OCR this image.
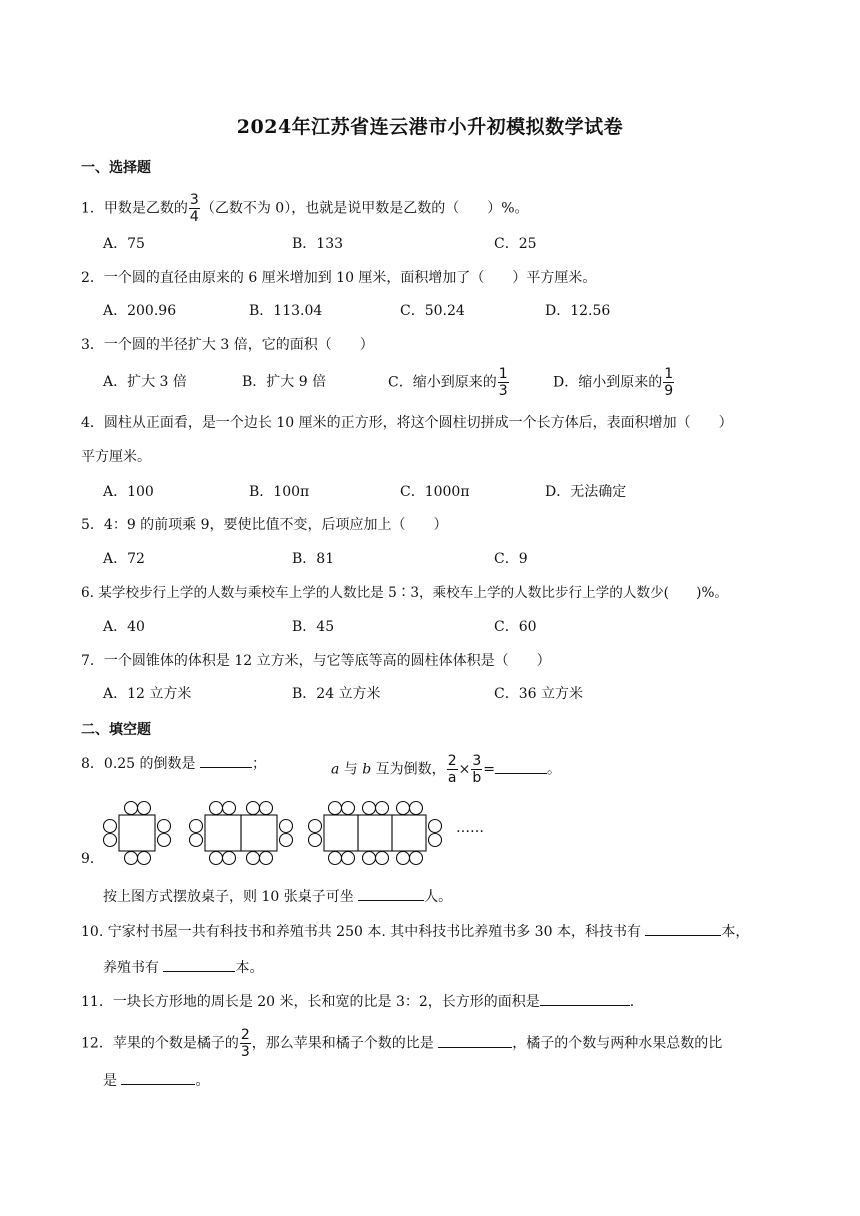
2024年江苏省连云港市小升初模拟数学试卷
一、选择题
1．甲数是乙数的 $\frac{3}{4}$ （乙数不为 0），也就是说甲数是乙数的（　　）%。
A．75	B．133	C．25
2．一个圆的直径由原来的 6 厘米增加到 10 厘米，面积增加了（　　）平方厘米。
A．200.96	B．113.04	C．50.24	D．12.56
3．一个圆的半径扩大 3 倍，它的面积（　　）
A．扩大 3 倍	B．扩大 9 倍	C．缩小到原来的 $\frac{1}{3}$	D．缩小到原来的 $\frac{1}{9}$
4．圆柱从正面看，是一个边长 10 厘米的正方形，将这个圆柱切拼成一个长方体后，表面积增加（　　）
平方厘米。
A．100	B．100π	C．1000π	D．无法确定
5．4：9 的前项乘 9，要使比值不变，后项应加上（　　）
A．72	B．81	C．9
6. 某学校步行上学的人数与乘校车上学的人数比是 5∶3，乘校车上学的人数比步行上学的人数少(　　)%。
A．40	B．45	C．60
7．一个圆锥体的体积是 12 立方米，与它等底等高的圆柱体体积是（　　）
A．12 立方米	B．24 立方米	C．36 立方米
二、填空题
8．0.25 的倒数是	；	a 与 b 互为倒数， $\frac{2}{a} \times \frac{3}{b}$ =	。
……
9．
按上图方式摆放桌子，则 10 张桌子可坐	人。
10. 宁家村书屋一共有科技书和养殖书共 250 本. 其中科技书比养殖书多 30 本，科技书有	本，
养殖书有	本。
11．一块长方形地的周长是 20 米，长和宽的比是 3：2，长方形的面积是	.
12．苹果的个数是橘子的 $\frac{2}{3}$ ，那么苹果和橘子个数的比是	，橘子的个数与两种水果总数的比
是	。
